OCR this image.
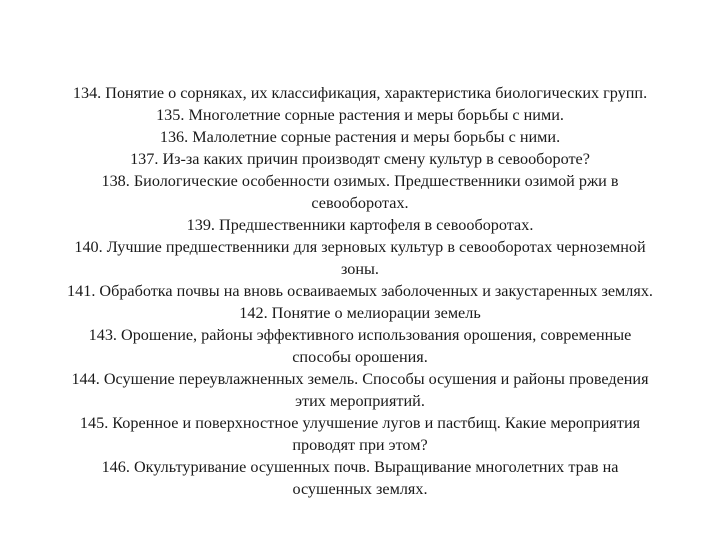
134. Понятие о сорняках, их классификация, характеристика биологических групп.
135. Многолетние сорные растения и меры борьбы с ними.
136. Малолетние сорные растения и меры борьбы с ними.
137. Из-за каких причин производят смену культур в севообороте?
138. Биологические особенности озимых. Предшественники озимой ржи в
севооборотах.
139. Предшественники картофеля в севооборотах.
140. Лучшие предшественники для зерновых культур в севооборотах черноземной
зоны.
141. Обработка почвы на вновь осваиваемых заболоченных и закустаренных землях.
142. Понятие о мелиорации земель
143. Орошение, районы эффективного использования орошения, современные
способы орошения.
144. Осушение переувлажненных земель. Способы осушения и районы проведения
этих мероприятий.
145. Коренное и поверхностное улучшение лугов и пастбищ. Какие мероприятия
проводят при этом?
146. Окультуривание осушенных почв. Выращивание многолетних трав на
осушенных землях.
